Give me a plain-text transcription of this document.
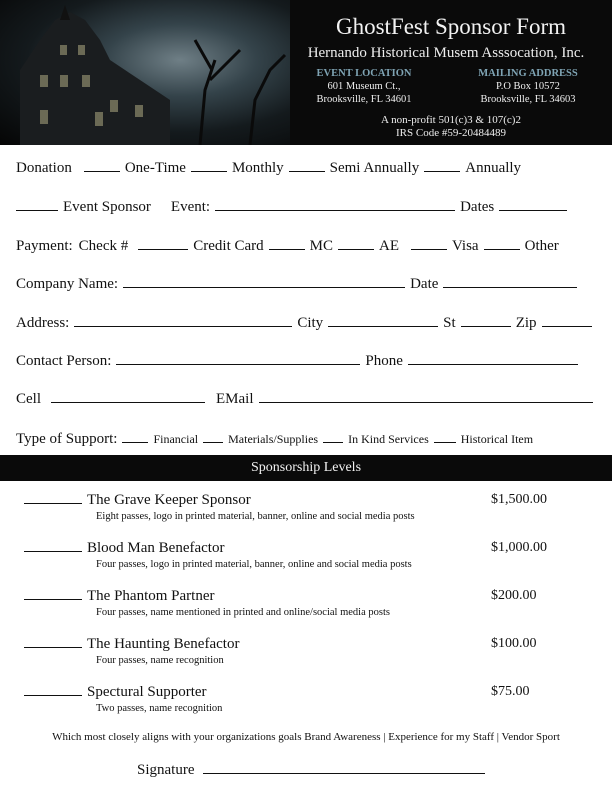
GhostFest Sponsor Form
Hernando Historical Musem Asssocation, Inc.
EVENT LOCATION
601 Museum Ct.,
Brooksville, FL 34601
MAILING ADDRESS
P.O Box 10572
Brooksville, FL 34603
A non-profit 501(c)3 & 107(c)2
IRS Code #59-20484489
Donation	One-Time	Monthly	Semi Annually	Annually
Event Sponsor Event:	Dates
Payment: Check #	Credit Card	MC	AE	Visa	Other
Company Name:	Date
Address:	City	St	Zip
Contact Person:	Phone
Cell	EMail
Type of Support:	Financial	Materials/Supplies	In Kind Services	Historical Item
Sponsorship Levels
The Grave Keeper Sponsor	$1,500.00
Eight passes, logo in printed material, banner, online and social media posts
Blood Man Benefactor	$1,000.00
Four passes, logo in printed material, banner, online and social media posts
The Phantom Partner	$200.00
Four passes, name mentioned in printed and online/social media posts
The Haunting Benefactor	$100.00
Four passes, name recognition
Spectural Supporter	$75.00
Two passes, name recognition
Which most closely aligns with your organizations goals Brand Awareness | Experience for my Staff | Vendor Sport
Signature
